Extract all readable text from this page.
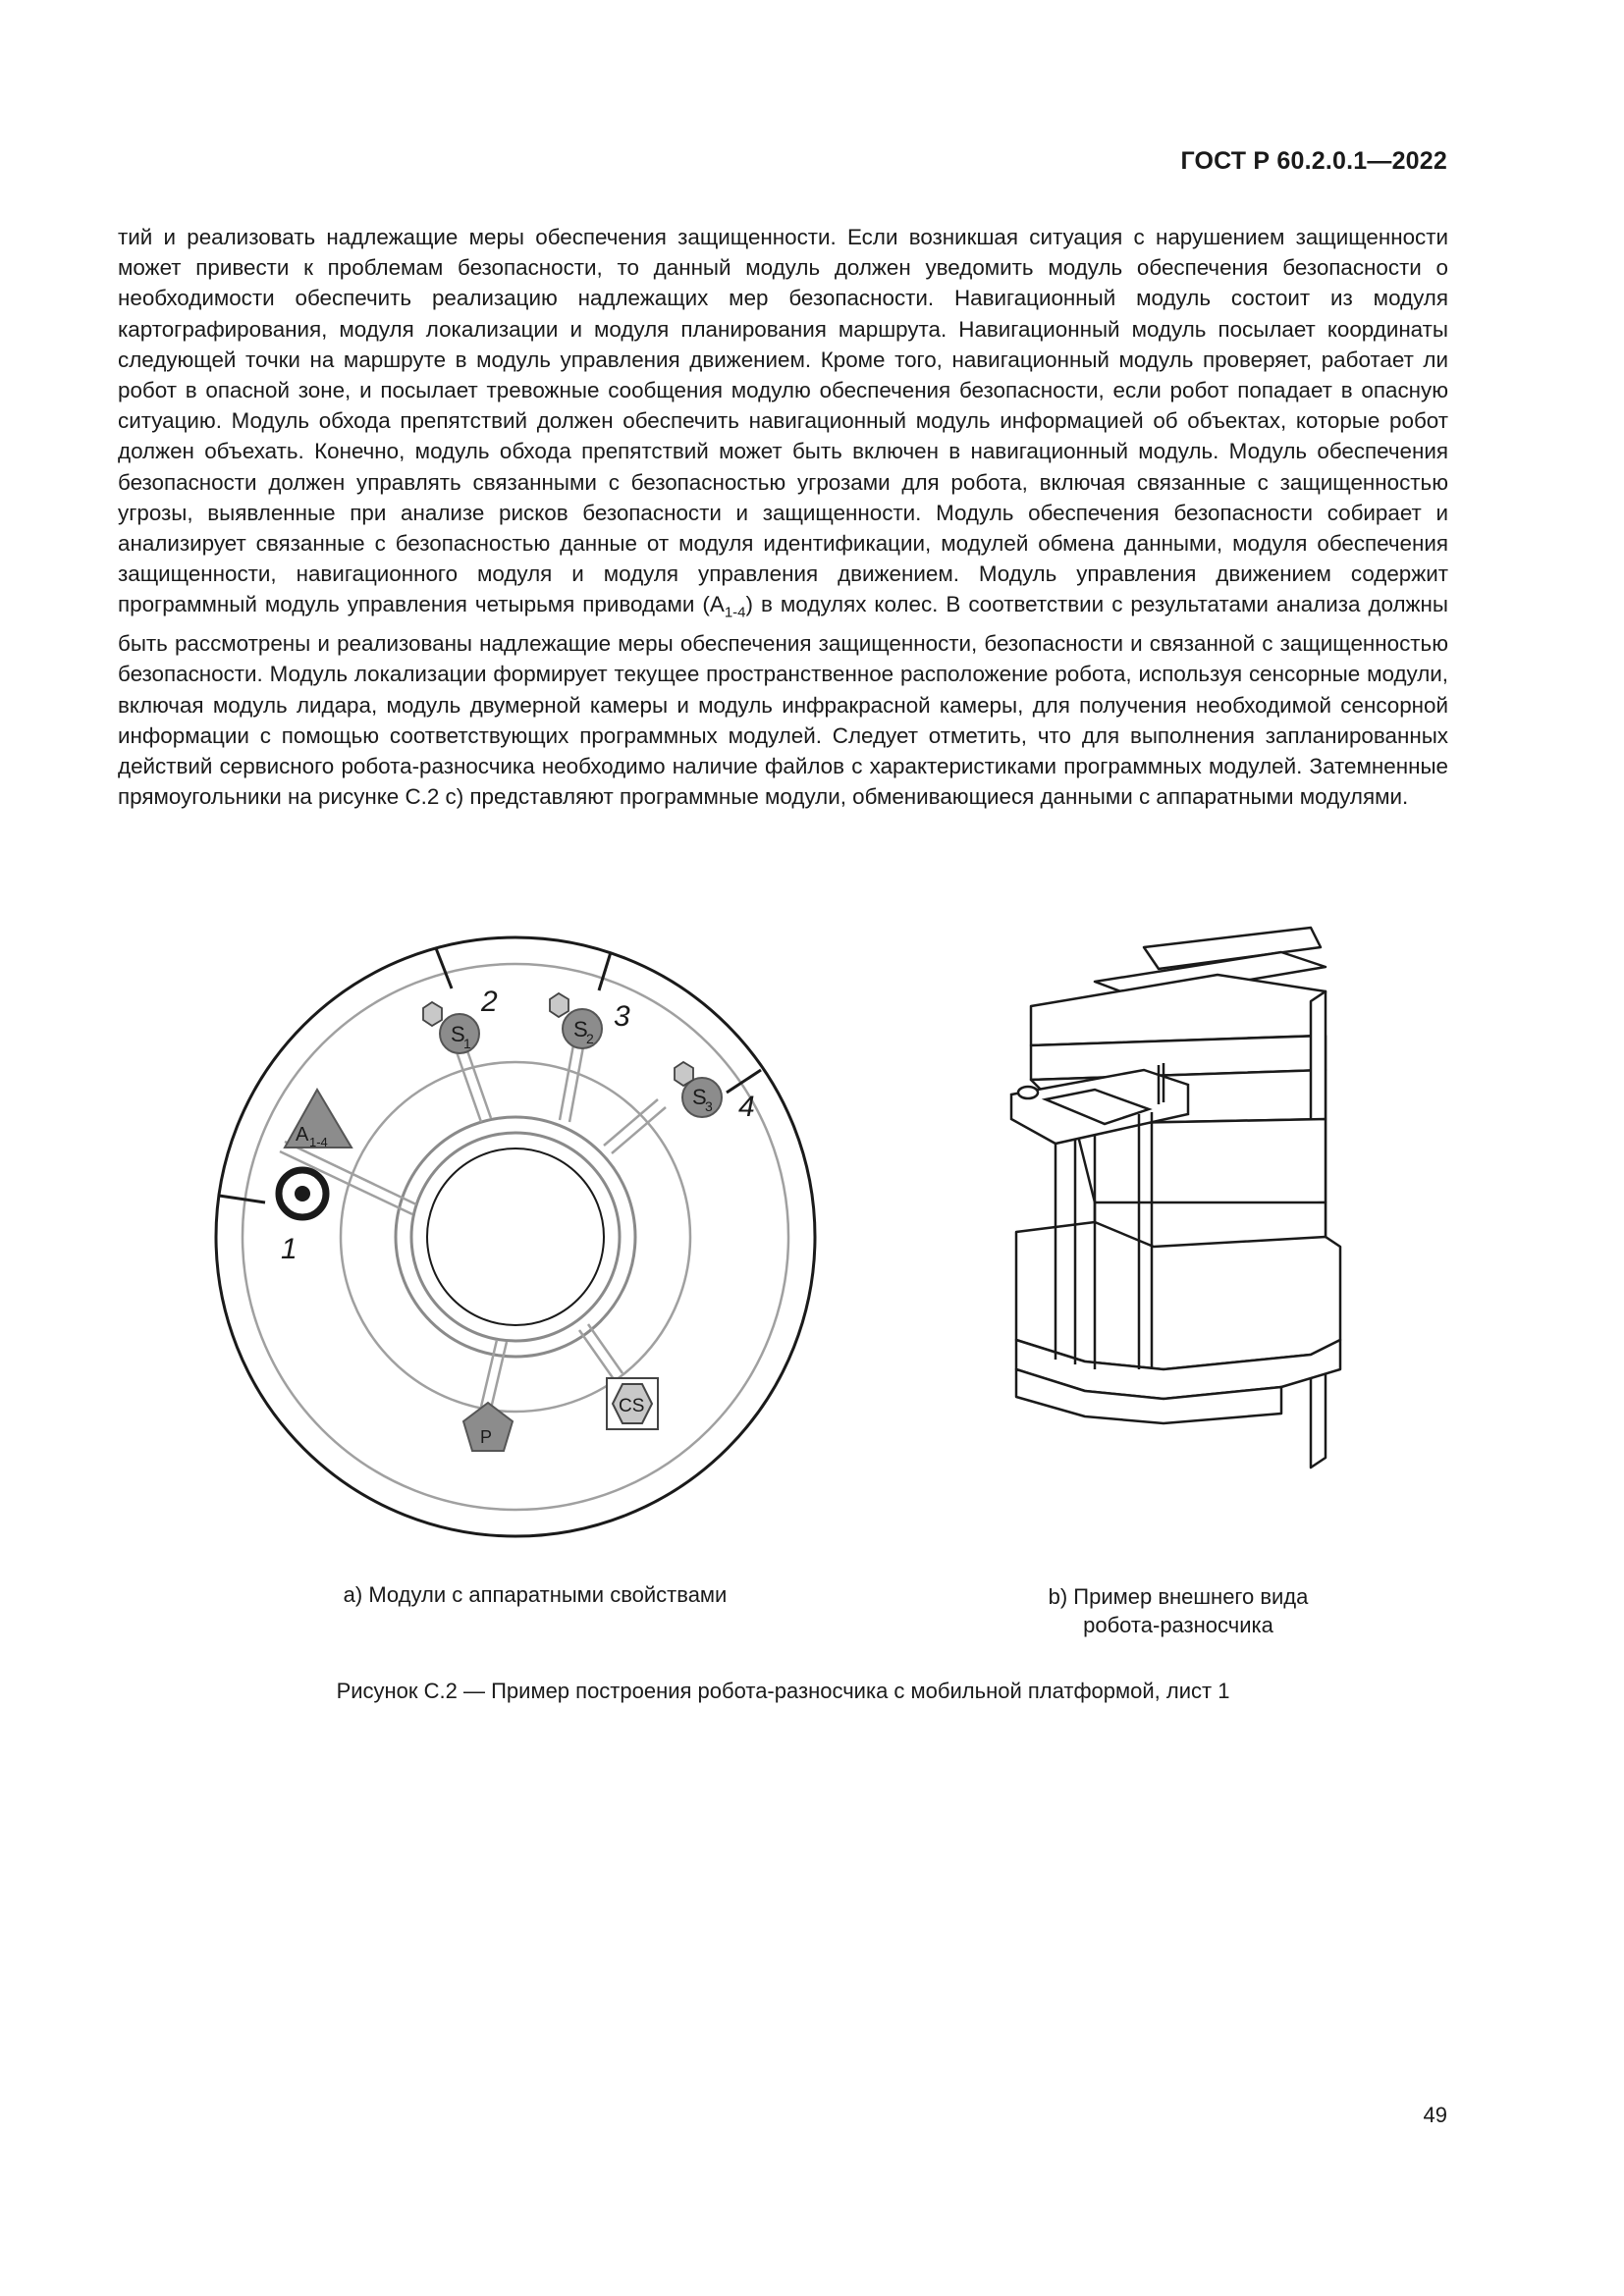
ГОСТ Р 60.2.0.1—2022

тий и реализовать надлежащие меры обеспечения защищенности. Если возникшая ситуация с нарушением защищенности может привести к проблемам безопасности, то данный модуль должен уведомить модуль обеспечения безопасности о необходимости обеспечить реализацию надлежащих мер безопасности. Навигационный модуль состоит из модуля картографирования, модуля локализации и модуля планирования маршрута. Навигационный модуль посылает координаты следующей точки на маршруте в модуль управления движением. Кроме того, навигационный модуль проверяет, работает ли робот в опасной зоне, и посылает тревожные сообщения модулю обеспечения безопасности, если робот попадает в опасную ситуацию. Модуль обхода препятствий должен обеспечить навигационный модуль информацией об объектах, которые робот должен объехать. Конечно, модуль обхода препятствий может быть включен в навигационный модуль. Модуль обеспечения безопасности должен управлять связанными с безопасностью угрозами для робота, включая связанные с защищенностью угрозы, выявленные при анализе рисков безопасности и защищенности. Модуль обеспечения безопасности собирает и анализирует связанные с безопасностью данные от модуля идентификации, модулей обмена данными, модуля обеспечения защищенности, навигационного модуля и модуля управления движением. Модуль управления движением содержит программный модуль управления четырьмя приводами $(A_{1-4})$ в модулях колес. В соответствии с результатами анализа должны быть рассмотрены и реализованы надлежащие меры обеспечения защищенности, безопасности и связанной с защищенностью безопасности. Модуль локализации формирует текущее пространственное расположение робота, используя сенсорные модули, включая модуль лидара, модуль двумерной камеры и модуль инфракрасной камеры, для получения необходимой сенсорной информации с помощью соответствующих программных модулей. Следует отметить, что для выполнения запланированных действий сервисного робота-разносчика необходимо наличие файлов с характеристиками программных модулей. Затемненные прямоугольники на рисунке С.2 с) представляют программные модули, обменивающиеся данными с аппаратными модулями.

S
1
S
2
S
3
A 1-4
P
CS
1
2	3
4
a) Модули с аппаратными свойствами	b) Пример внешнего вида
робота-разносчика
Рисунок С.2 — Пример построения робота-разносчика с мобильной платформой, лист 1
49
